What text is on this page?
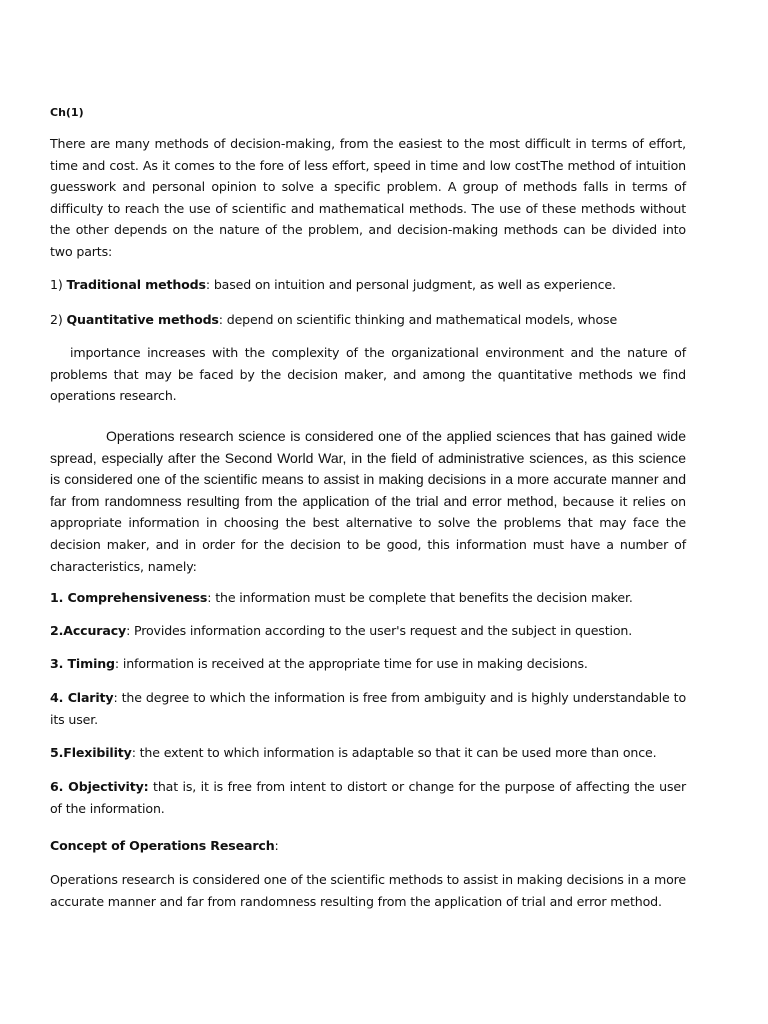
Ch(1)

There are many methods of decision-making, from the easiest to the most difficult in terms of effort, time and cost. As it comes to the fore of less effort, speed in time and low costThe method of intuition guesswork and personal opinion to solve a specific problem. A group of methods falls in terms of difficulty to reach the use of scientific and mathematical methods. The use of these methods without the other depends on the nature of the problem, and decision-making methods can be divided into two parts:

1) Traditional methods: based on intuition and personal judgment, as well as experience.

2) Quantitative methods: depend on scientific thinking and mathematical models, whose

importance increases with the complexity of the organizational environment and the nature of problems that may be faced by the decision maker, and among the quantitative methods we find operations research.

Operations research science is considered one of the applied sciences that has gained wide spread, especially after the Second World War, in the field of administrative sciences, as this science is considered one of the scientific means to assist in making decisions in a more accurate manner and far from randomness resulting from the application of the trial and error method, because it relies on appropriate information in choosing the best alternative to solve the problems that may face the decision maker, and in order for the decision to be good, this information must have a number of characteristics, namely:

1. Comprehensiveness: the information must be complete that benefits the decision maker.

2.Accuracy: Provides information according to the user's request and the subject in question.

3. Timing: information is received at the appropriate time for use in making decisions.

4. Clarity: the degree to which the information is free from ambiguity and is highly understandable to its user.

5.Flexibility: the extent to which information is adaptable so that it can be used more than once.

6. Objectivity: that is, it is free from intent to distort or change for the purpose of affecting the user of the information.

Concept of Operations Research:

Operations research is considered one of the scientific methods to assist in making decisions in a more accurate manner and far from randomness resulting from the application of trial and error method.
